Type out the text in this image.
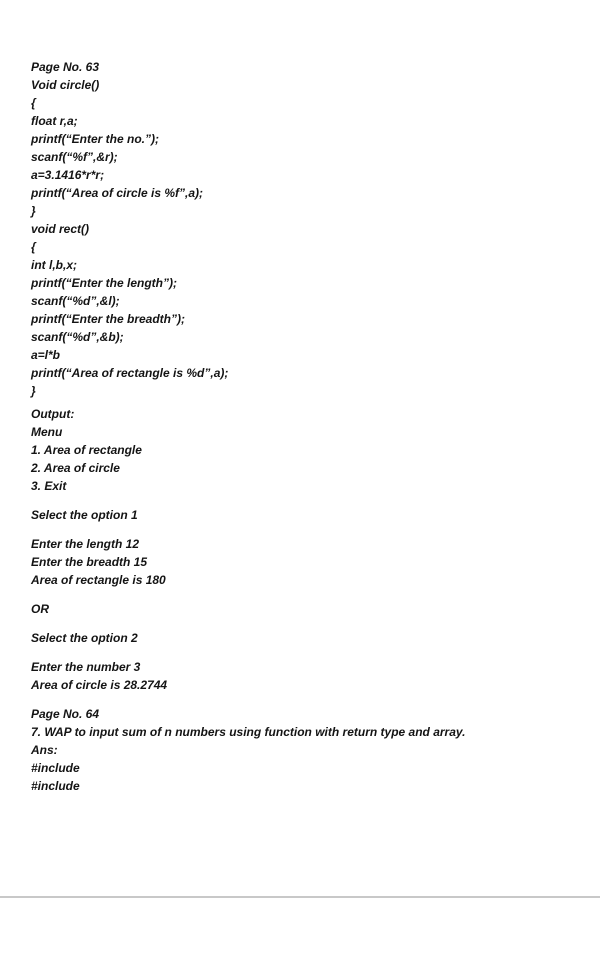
Page No. 63
Void circle()
{
float r,a;
printf(“Enter the no.”);
scanf(“%f”,&r);
a=3.1416*r*r;
printf(“Area of circle is %f”,a);
}
void rect()
{
int l,b,x;
printf(“Enter the length”);
scanf(“%d”,&l);
printf(“Enter the breadth”);
scanf(“%d”,&b);
a=l*b
printf(“Area of rectangle is %d”,a);
}
Output:
Menu
1. Area of rectangle
2. Area of circle
3. Exit
Select the option 1
Enter the length 12
Enter the breadth 15
Area of rectangle is 180
OR
Select the option 2
Enter the number 3
Area of circle is 28.2744
Page No. 64
7. WAP to input sum of n numbers using function with return type and array.
Ans:
#include
#include
